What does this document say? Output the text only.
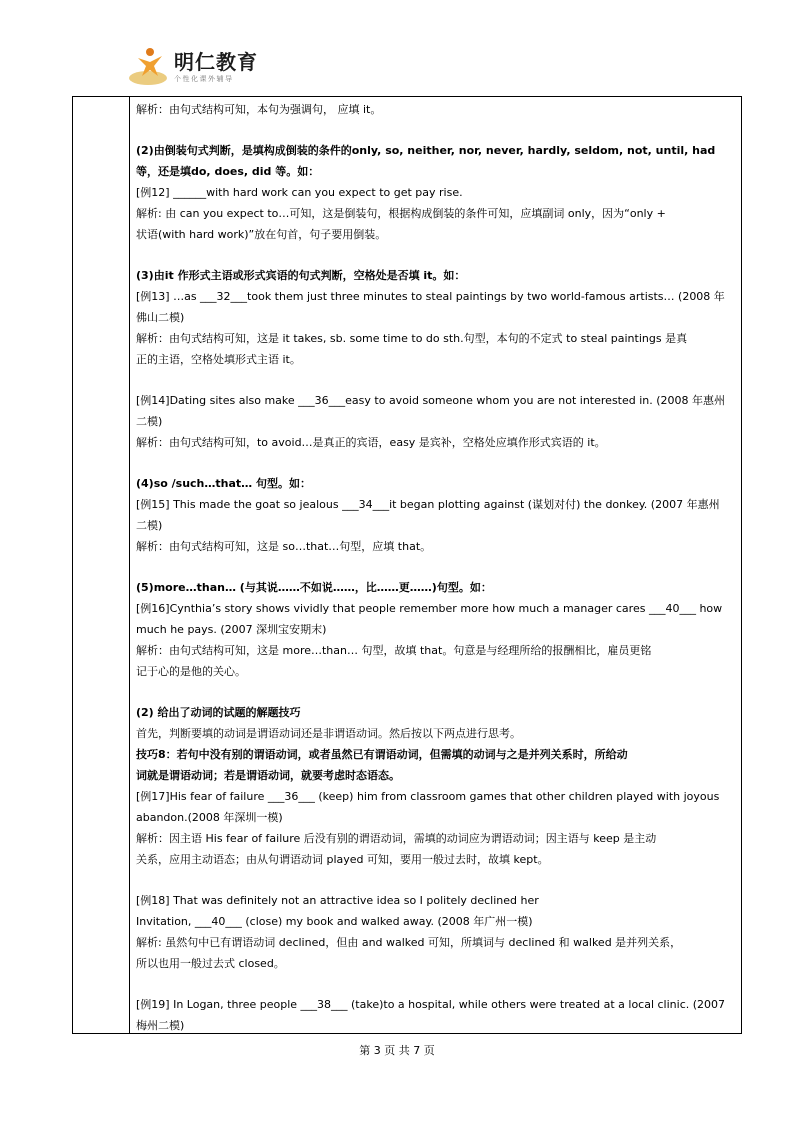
明仁教育
个性化课外辅导
解析：由句式结构可知，本句为强调句， 应填 it。
(2)由倒装句式判断，是填构成倒装的条件的only, so, neither, nor, never, hardly, seldom, not, until, had
等，还是填do, does, did 等。如：
[例12] ______with hard work can you expect to get pay rise.
解析: 由 can you expect to…可知，这是倒装句，根据构成倒装的条件可知，应填副词 only，因为“only +
状语(with hard work)”放在句首，句子要用倒装。
(3)由it 作形式主语或形式宾语的句式判断，空格处是否填 it。如：
[例13] …as ___32___took them just three minutes to steal paintings by two world-famous artists… (2008 年
佛山二模)
解析：由句式结构可知，这是 it takes, sb. some time to do sth.句型，本句的不定式 to steal paintings 是真
正的主语，空格处填形式主语 it。
[例14]Dating sites also make ___36___easy to avoid someone whom you are not interested in. (2008 年惠州
二模)
解析：由句式结构可知，to avoid…是真正的宾语，easy 是宾补，空格处应填作形式宾语的 it。
(4)so /such…that… 句型。如：
[例15] This made the goat so jealous ___34___it began plotting against (谋划对付) the donkey. (2007 年惠州
二模)
解析：由句式结构可知，这是 so…that…句型，应填 that。
(5)more…than… (与其说……不如说……，比……更……)句型。如：
[例16]Cynthia’s story shows vividly that people remember more how much a manager cares ___40___ how
much he pays. (2007 深圳宝安期末)
解析：由句式结构可知，这是 more…than… 句型，故填 that。句意是与经理所给的报酬相比，雇员更铭
记于心的是他的关心。
(2) 给出了动词的试题的解题技巧
首先，判断要填的动词是谓语动词还是非谓语动词。然后按以下两点进行思考。
技巧8：若句中没有别的谓语动词，或者虽然已有谓语动词，但需填的动词与之是并列关系时，所给动
词就是谓语动词；若是谓语动词，就要考虑时态语态。
[例17]His fear of failure ___36___ (keep) him from classroom games that other children played with joyous
abandon.(2008 年深圳一模)
解析：因主语 His fear of failure 后没有别的谓语动词，需填的动词应为谓语动词；因主语与 keep 是主动
关系，应用主动语态；由从句谓语动词 played 可知，要用一般过去时，故填 kept。
[例18] That was definitely not an attractive idea so I politely declined her
Invitation, ___40___ (close) my book and walked away. (2008 年广州一模)
解析: 虽然句中已有谓语动词 declined，但由 and walked 可知，所填词与 declined 和 walked 是并列关系，
所以也用一般过去式 closed。
[例19] In Logan, three people ___38___ (take)to a hospital, while others were treated at a local clinic. (2007
梅州二模)
第 3 页 共 7 页
